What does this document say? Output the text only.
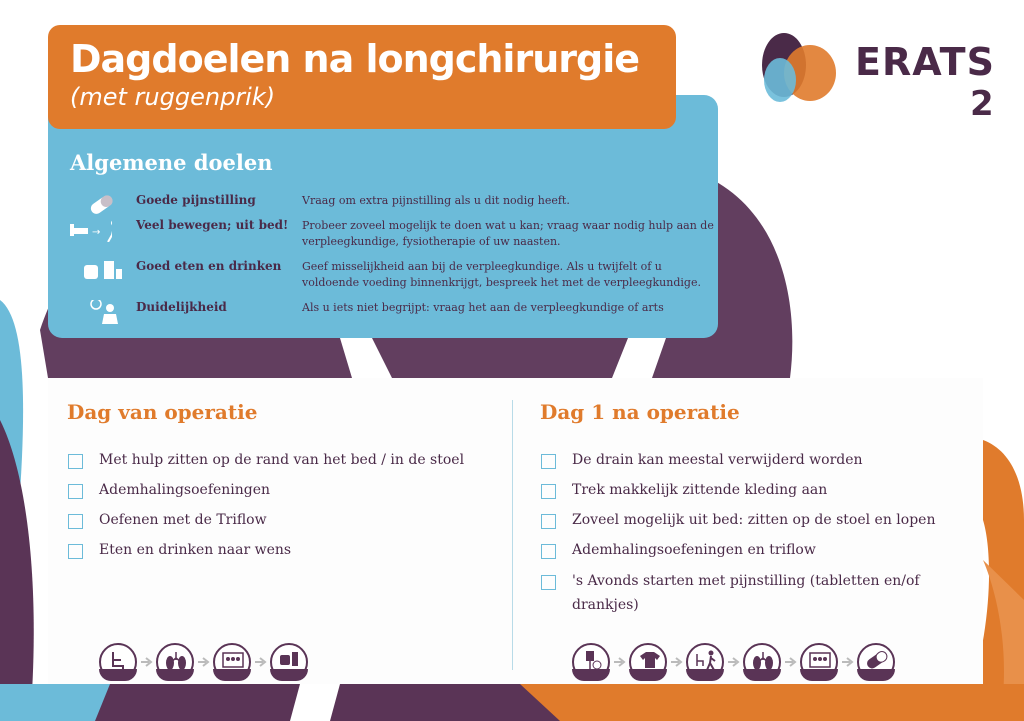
ERATS
2
Dagdoelen na longchirurgie
(met ruggenprik)
Algemene doelen
Goede pijnstilling	Vraag om extra pijnstilling als u dit nodig heeft.
→
Veel bewegen; uit bed! Probeer zoveel mogelijk te doen wat u kan; vraag waar nodig hulp aan de verpleegkundige, fysiotherapie of uw naasten.
Goed eten en drinken Geef misselijkheid aan bij de verpleegkundige. Als u twijfelt of u voldoende voeding binnenkrijgt, bespreek het met de verpleegkundige.
Duidelijkheid	Als u iets niet begrijpt: vraag het aan de verpleegkundige of arts
Dag van operatie
Met hulp zitten op de rand van het bed / in de stoel
Ademhalingsoefeningen
Oefenen met de Triflow
Eten en drinken naar wens
Dag 1 na operatie
De drain kan meestal verwijderd worden
Trek makkelijk zittende kleding aan
Zoveel mogelijk uit bed: zitten op de stoel en lopen
Ademhalingsoefeningen en triflow
's Avonds starten met pijnstilling (tabletten en/of drankjes)
